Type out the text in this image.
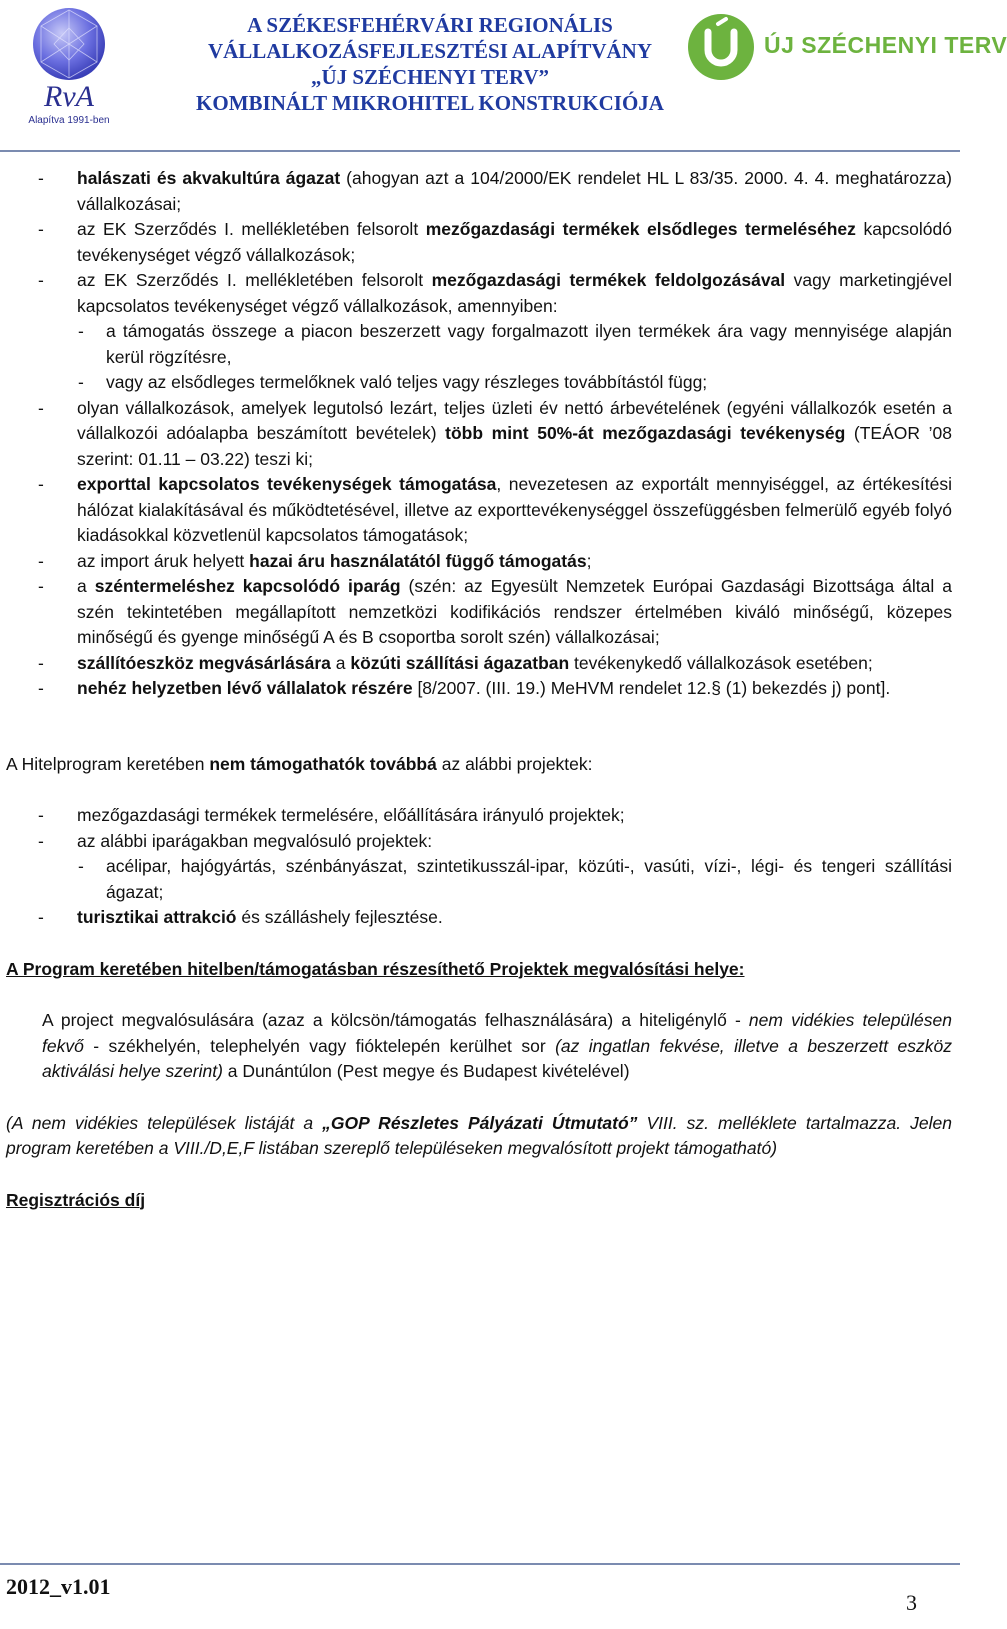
RvA
Alapítva 1991-ben
A SZÉKESFEHÉRVÁRI REGIONÁLIS
VÁLLALKOZÁSFEJLESZTÉSI ALAPÍTVÁNY
„ÚJ SZÉCHENYI TERV”
KOMBINÁLT MIKROHITEL KONSTRUKCIÓJA
ÚJ SZÉCHENYI TERV
- halászati és akvakultúra ágazat (ahogyan azt a 104/2000/EK rendelet HL L 83/35. 2000. 4. 4. meghatározza) vállalkozásai;
- az EK Szerződés I. mellékletében felsorolt mezőgazdasági termékek elsődleges termeléséhez kapcsolódó tevékenységet végző vállalkozások;
- az EK Szerződés I. mellékletében felsorolt mezőgazdasági termékek feldolgozásával vagy marketingjével kapcsolatos tevékenységet végző vállalkozások, amennyiben:
- a támogatás összege a piacon beszerzett vagy forgalmazott ilyen termékek ára vagy mennyisége alapján kerül rögzítésre,
- vagy az elsődleges termelőknek való teljes vagy részleges továbbítástól függ;
- olyan vállalkozások, amelyek legutolsó lezárt, teljes üzleti év nettó árbevételének (egyéni vállalkozók esetén a vállalkozói adóalapba beszámított bevételek) több mint 50%-át mezőgazdasági tevékenység (TEÁOR ’08 szerint: 01.11 – 03.22) teszi ki;
- exporttal kapcsolatos tevékenységek támogatása, nevezetesen az exportált mennyiséggel, az értékesítési hálózat kialakításával és működtetésével, illetve az exporttevékenységgel összefüggésben felmerülő egyéb folyó kiadásokkal közvetlenül kapcsolatos támogatások;
- az import áruk helyett hazai áru használatától függő támogatás;
- a széntermeléshez kapcsolódó iparág (szén: az Egyesült Nemzetek Európai Gazdasági Bizottsága által a szén tekintetében megállapított nemzetközi kodifikációs rendszer értelmében kiváló minőségű, közepes minőségű és gyenge minőségű A és B csoportba sorolt szén) vállalkozásai;
- szállítóeszköz megvásárlására a közúti szállítási ágazatban tevékenykedő vállalkozások esetében;
- nehéz helyzetben lévő vállalatok részére [8/2007. (III. 19.) MeHVM rendelet 12.§ (1) bekezdés j) pont].
A Hitelprogram keretében nem támogathatók továbbá az alábbi projektek:
- mezőgazdasági termékek termelésére, előállítására irányuló projektek;
- az alábbi iparágakban megvalósuló projektek:
- acélipar, hajógyártás, szénbányászat, szintetikusszál-ipar, közúti-, vasúti, vízi-, légi- és tengeri szállítási ágazat;
- turisztikai attrakció és szálláshely fejlesztése.
A Program keretében hitelben/támogatásban részesíthető Projektek megvalósítási helye:
A project megvalósulására (azaz a kölcsön/támogatás felhasználására) a hiteligénylő - nem vidékies településen fekvő - székhelyén, telephelyén vagy fióktelepén kerülhet sor (az ingatlan fekvése, illetve a beszerzett eszköz aktiválási helye szerint) a Dunántúlon (Pest megye és Budapest kivételével)
(A nem vidékies települések listáját a „GOP Részletes Pályázati Útmutató” VIII. sz. melléklete tartalmazza. Jelen program keretében a VIII./D,E,F listában szereplő településeken megvalósított projekt támogatható)
Regisztrációs díj
2012_v1.01
3
